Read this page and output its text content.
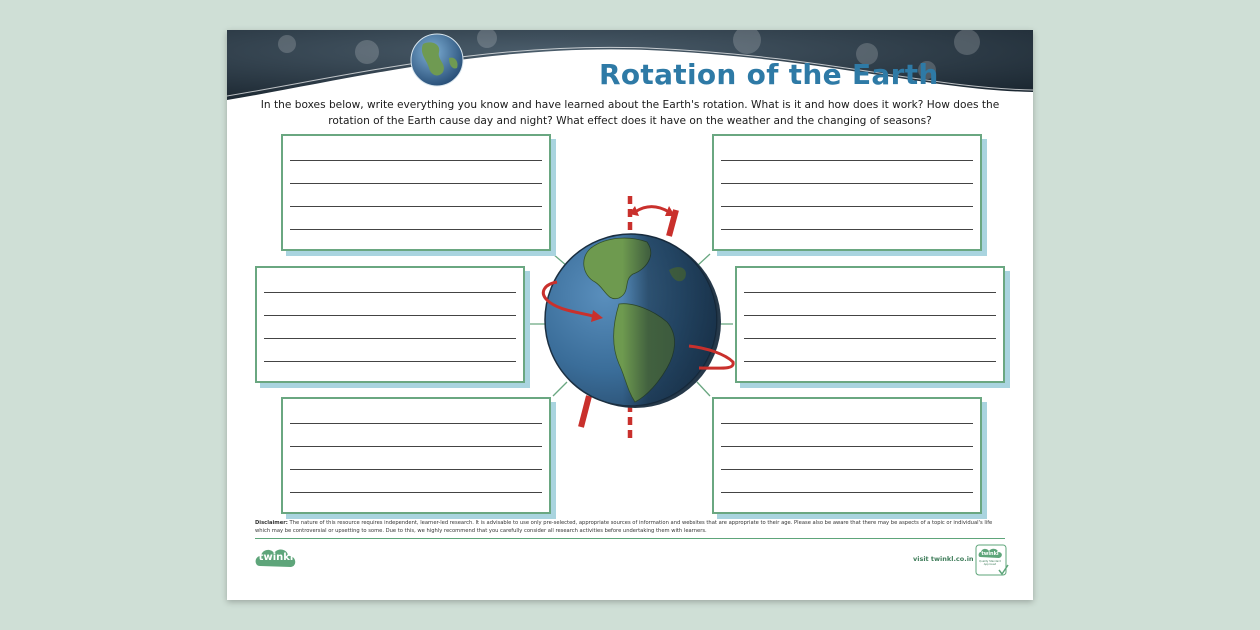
Rotation of the Earth
In the boxes below, write everything you know and have learned about the Earth's rotation. What is it and how does it work? How does the rotation of the Earth cause day and night? What effect does it have on the weather and the changing of seasons?
Disclaimer: The nature of this resource requires independent, learner-led research. It is advisable to use only pre-selected, appropriate sources of information and websites that are appropriate to their age. Please also be aware that there may be aspects of a topic or individual's life which may be controversial or upsetting to some. Due to this, we highly recommend that you carefully consider all research activities before undertaking them with learners.
twinkl	visit twinkl.co.in
twinkl
Quality Standard Approved
